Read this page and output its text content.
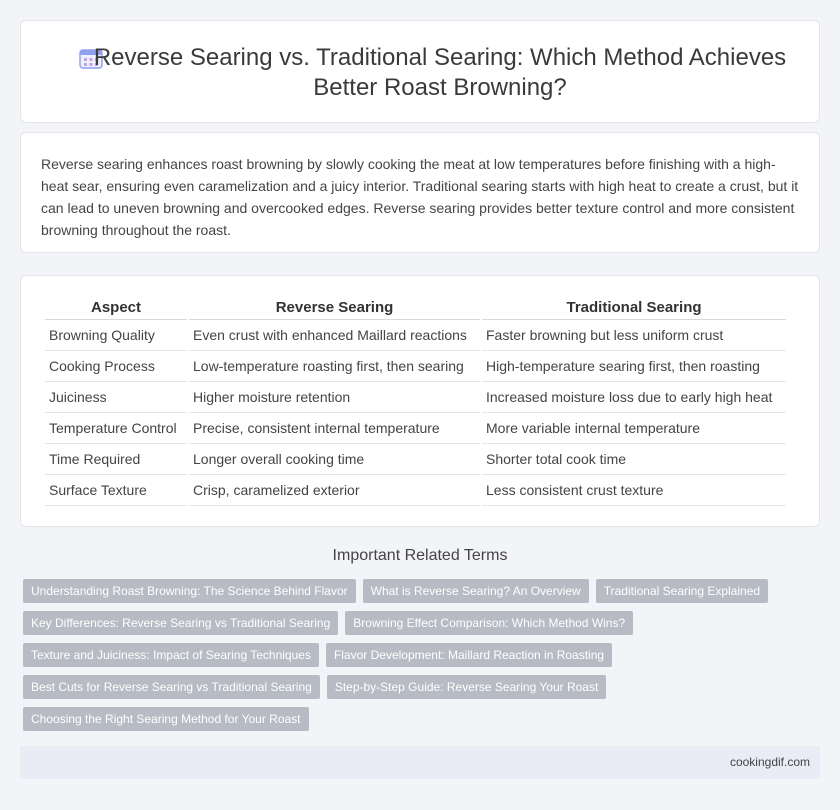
Reverse Searing vs. Traditional Searing: Which Method Achieves Better Roast Browning?

Reverse searing enhances roast browning by slowly cooking the meat at low temperatures before finishing with a high-heat sear, ensuring even caramelization and a juicy interior. Traditional searing starts with high heat to create a crust, but it can lead to uneven browning and overcooked edges. Reverse searing provides better texture control and more consistent browning throughout the roast.

Aspect	Reverse Searing	Traditional Searing
Browning Quality	Even crust with enhanced Maillard reactions	Faster browning but less uniform crust
Cooking Process	Low-temperature roasting first, then searing	High-temperature searing first, then roasting
Juiciness	Higher moisture retention	Increased moisture loss due to early high heat
Temperature Control	Precise, consistent internal temperature	More variable internal temperature
Time Required	Longer overall cooking time	Shorter total cook time
Surface Texture	Crisp, caramelized exterior	Less consistent crust texture
Important Related Terms
Understanding Roast Browning: The Science Behind Flavor	What is Reverse Searing? An Overview	Traditional Searing Explained
Key Differences: Reverse Searing vs Traditional Searing	Browning Effect Comparison: Which Method Wins?
Texture and Juiciness: Impact of Searing Techniques	Flavor Development: Maillard Reaction in Roasting
Best Cuts for Reverse Searing vs Traditional Searing	Step-by-Step Guide: Reverse Searing Your Roast
Choosing the Right Searing Method for Your Roast
cookingdif.com
